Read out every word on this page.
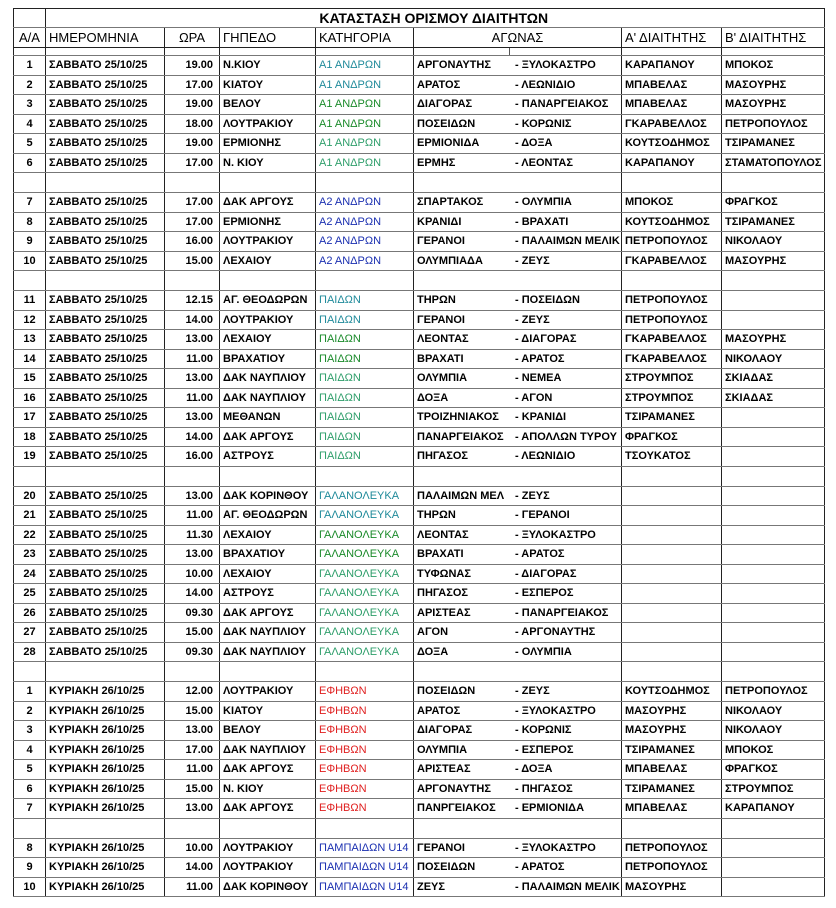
	ΚΑΤΑΣΤΑΣΗ ΟΡΙΣΜΟΥ ΔΙΑΙΤΗΤΩΝ						
Α/Α	ΗΜΕΡΟΜΗΝΙΑ	ΩΡΑ	ΓΗΠΕΔΟ	ΚΑΤΗΓΟΡΙΑ	ΑΓΩΝΑΣ	Α' ΔΙΑΙΤΗΤΗΣ	Β' ΔΙΑΙΤΗΤΗΣ

1	ΣΑΒΒΑΤΟ 25/10/25	19.00	Ν.ΚΙΟΥ	Α1 ΑΝΔΡΩΝ	ΑΡΓΟΝΑΥΤΗΣ - ΞΥΛΟΚΑΣΤΡΟ	ΚΑΡΑΠΑΝΟΥ	ΜΠΟΚΟΣ
2	ΣΑΒΒΑΤΟ 25/10/25	17.00	ΚΙΑΤΟΥ	Α1 ΑΝΔΡΩΝ	ΑΡΑΤΟΣ - ΛΕΩΝΙΔΙΟ	ΜΠΑΒΕΛΑΣ	ΜΑΣΟΥΡΗΣ
3	ΣΑΒΒΑΤΟ 25/10/25	19.00	ΒΕΛΟΥ	Α1 ΑΝΔΡΩΝ	ΔΙΑΓΟΡΑΣ - ΠΑΝΑΡΓΕΙΑΚΟΣ	ΜΠΑΒΕΛΑΣ	ΜΑΣΟΥΡΗΣ
4	ΣΑΒΒΑΤΟ 25/10/25	18.00	ΛΟΥΤΡΑΚΙΟΥ	Α1 ΑΝΔΡΩΝ	ΠΟΣΕΙΔΩΝ - ΚΟΡΩΝΙΣ	ΓΚΑΡΑΒΕΛΛΟΣ	ΠΕΤΡΟΠΟΥΛΟΣ
5	ΣΑΒΒΑΤΟ 25/10/25	19.00	ΕΡΜΙΟΝΗΣ	Α1 ΑΝΔΡΩΝ	ΕΡΜΙΟΝΙΔΑ - ΔΟΞΑ	ΚΟΥΤΣΟΔΗΜΟΣ	ΤΣΙΡΑΜΑΝΕΣ
6	ΣΑΒΒΑΤΟ 25/10/25	17.00	Ν. ΚΙΟΥ	Α1 ΑΝΔΡΩΝ	ΕΡΜΗΣ - ΛΕΟΝΤΑΣ	ΚΑΡΑΠΑΝΟΥ	ΣΤΑΜΑΤΟΠΟΥΛΟΣ

7	ΣΑΒΒΑΤΟ 25/10/25	17.00	ΔΑΚ ΑΡΓΟΥΣ	Α2 ΑΝΔΡΩΝ	ΣΠΑΡΤΑΚΟΣ - ΟΛΥΜΠΙΑ	ΜΠΟΚΟΣ	ΦΡΑΓΚΟΣ
8	ΣΑΒΒΑΤΟ 25/10/25	17.00	ΕΡΜΙΟΝΗΣ	Α2 ΑΝΔΡΩΝ	ΚΡΑΝΙΔΙ - ΒΡΑΧΑΤΙ	ΚΟΥΤΣΟΔΗΜΟΣ	ΤΣΙΡΑΜΑΝΕΣ
9	ΣΑΒΒΑΤΟ 25/10/25	16.00	ΛΟΥΤΡΑΚΙΟΥ	Α2 ΑΝΔΡΩΝ	ΓΕΡΑΝΟΙ - ΠΑΛΑΙΜΩΝ ΜΕΛΙΚ	ΠΕΤΡΟΠΟΥΛΟΣ	ΝΙΚΟΛΑΟΥ
10	ΣΑΒΒΑΤΟ 25/10/25	15.00	ΛΕΧΑΙΟΥ	Α2 ΑΝΔΡΩΝ	ΟΛΥΜΠΙΑΔΑ - ΖΕΥΣ	ΓΚΑΡΑΒΕΛΛΟΣ	ΜΑΣΟΥΡΗΣ

11	ΣΑΒΒΑΤΟ 25/10/25	12.15	ΑΓ. ΘΕΟΔΩΡΩΝ	ΠΑΙΔΩΝ	ΤΗΡΩΝ - ΠΟΣΕΙΔΩΝ	ΠΕΤΡΟΠΟΥΛΟΣ	
12	ΣΑΒΒΑΤΟ 25/10/25	14.00	ΛΟΥΤΡΑΚΙΟΥ	ΠΑΙΔΩΝ	ΓΕΡΑΝΟΙ - ΖΕΥΣ	ΠΕΤΡΟΠΟΥΛΟΣ	
13	ΣΑΒΒΑΤΟ 25/10/25	13.00	ΛΕΧΑΙΟΥ	ΠΑΙΔΩΝ	ΛΕΟΝΤΑΣ - ΔΙΑΓΟΡΑΣ	ΓΚΑΡΑΒΕΛΛΟΣ	ΜΑΣΟΥΡΗΣ
14	ΣΑΒΒΑΤΟ 25/10/25	11.00	ΒΡΑΧΑΤΙΟΥ	ΠΑΙΔΩΝ	ΒΡΑΧΑΤΙ - ΑΡΑΤΟΣ	ΓΚΑΡΑΒΕΛΛΟΣ	ΝΙΚΟΛΑΟΥ
15	ΣΑΒΒΑΤΟ 25/10/25	13.00	ΔΑΚ ΝΑΥΠΛΙΟΥ	ΠΑΙΔΩΝ	ΟΛΥΜΠΙΑ - ΝΕΜΕΑ	ΣΤΡΟΥΜΠΟΣ	ΣΚΙΑΔΑΣ
16	ΣΑΒΒΑΤΟ 25/10/25	11.00	ΔΑΚ ΝΑΥΠΛΙΟΥ	ΠΑΙΔΩΝ	ΔΟΞΑ - ΑΓΟΝ	ΣΤΡΟΥΜΠΟΣ	ΣΚΙΑΔΑΣ
17	ΣΑΒΒΑΤΟ 25/10/25	13.00	ΜΕΘΑΝΩΝ	ΠΑΙΔΩΝ	ΤΡΟΙΖΗΝΙΑΚΟΣ - ΚΡΑΝΙΔΙ	ΤΣΙΡΑΜΑΝΕΣ	
18	ΣΑΒΒΑΤΟ 25/10/25	14.00	ΔΑΚ ΑΡΓΟΥΣ	ΠΑΙΔΩΝ	ΠΑΝΑΡΓΕΙΑΚΟΣ - ΑΠΟΛΛΩΝ ΤΥΡΟΥ	ΦΡΑΓΚΟΣ	
19	ΣΑΒΒΑΤΟ 25/10/25	16.00	ΑΣΤΡΟΥΣ	ΠΑΙΔΩΝ	ΠΗΓΑΣΟΣ - ΛΕΩΝΙΔΙΟ	ΤΣΟΥΚΑΤΟΣ	

20	ΣΑΒΒΑΤΟ 25/10/25	13.00	ΔΑΚ ΚΟΡΙΝΘΟΥ	ΓΑΛΑΝΟΛΕΥΚΑ	ΠΑΛΑΙΜΩΝ ΜΕΛ - ΖΕΥΣ		

21	ΣΑΒΒΑΤΟ 25/10/25	11.00	ΑΓ. ΘΕΟΔΩΡΩΝ	ΓΑΛΑΝΟΛΕΥΚΑ	ΤΗΡΩΝ - ΓΕΡΑΝΟΙ		

22	ΣΑΒΒΑΤΟ 25/10/25	11.30	ΛΕΧΑΙΟΥ	ΓΑΛΑΝΟΛΕΥΚΑ	ΛΕΟΝΤΑΣ - ΞΥΛΟΚΑΣΤΡΟ		

23	ΣΑΒΒΑΤΟ 25/10/25	13.00	ΒΡΑΧΑΤΙΟΥ	ΓΑΛΑΝΟΛΕΥΚΑ	ΒΡΑΧΑΤΙ - ΑΡΑΤΟΣ		

24	ΣΑΒΒΑΤΟ 25/10/25	10.00	ΛΕΧΑΙΟΥ	ΓΑΛΑΝΟΛΕΥΚΑ	ΤΥΦΩΝΑΣ - ΔΙΑΓΟΡΑΣ		

25	ΣΑΒΒΑΤΟ 25/10/25	14.00	ΑΣΤΡΟΥΣ	ΓΑΛΑΝΟΛΕΥΚΑ	ΠΗΓΑΣΟΣ - ΕΣΠΕΡΟΣ		

26	ΣΑΒΒΑΤΟ 25/10/25	09.30	ΔΑΚ ΑΡΓΟΥΣ	ΓΑΛΑΝΟΛΕΥΚΑ	ΑΡΙΣΤΕΑΣ - ΠΑΝΑΡΓΕΙΑΚΟΣ		

27	ΣΑΒΒΑΤΟ 25/10/25	15.00	ΔΑΚ ΝΑΥΠΛΙΟΥ	ΓΑΛΑΝΟΛΕΥΚΑ	ΑΓΟΝ - ΑΡΓΟΝΑΥΤΗΣ		

28	ΣΑΒΒΑΤΟ 25/10/25	09.30	ΔΑΚ ΝΑΥΠΛΙΟΥ	ΓΑΛΑΝΟΛΕΥΚΑ	ΔΟΞΑ - ΟΛΥΜΠΙΑ		

1	ΚΥΡΙΑΚΗ 26/10/25	12.00	ΛΟΥΤΡΑΚΙΟΥ	ΕΦΗΒΩΝ	ΠΟΣΕΙΔΩΝ - ΖΕΥΣ	ΚΟΥΤΣΟΔΗΜΟΣ	ΠΕΤΡΟΠΟΥΛΟΣ
2	ΚΥΡΙΑΚΗ 26/10/25	15.00	ΚΙΑΤΟΥ	ΕΦΗΒΩΝ	ΑΡΑΤΟΣ - ΞΥΛΟΚΑΣΤΡΟ	ΜΑΣΟΥΡΗΣ	ΝΙΚΟΛΑΟΥ
3	ΚΥΡΙΑΚΗ 26/10/25	13.00	ΒΕΛΟΥ	ΕΦΗΒΩΝ	ΔΙΑΓΟΡΑΣ - ΚΟΡΩΝΙΣ	ΜΑΣΟΥΡΗΣ	ΝΙΚΟΛΑΟΥ
4	ΚΥΡΙΑΚΗ 26/10/25	17.00	ΔΑΚ ΝΑΥΠΛΙΟΥ	ΕΦΗΒΩΝ	ΟΛΥΜΠΙΑ - ΕΣΠΕΡΟΣ	ΤΣΙΡΑΜΑΝΕΣ	ΜΠΟΚΟΣ
5	ΚΥΡΙΑΚΗ 26/10/25	11.00	ΔΑΚ ΑΡΓΟΥΣ	ΕΦΗΒΩΝ	ΑΡΙΣΤΕΑΣ - ΔΟΞΑ	ΜΠΑΒΕΛΑΣ	ΦΡΑΓΚΟΣ
6	ΚΥΡΙΑΚΗ 26/10/25	15.00	Ν. ΚΙΟΥ	ΕΦΗΒΩΝ	ΑΡΓΟΝΑΥΤΗΣ - ΠΗΓΑΣΟΣ	ΤΣΙΡΑΜΑΝΕΣ	ΣΤΡΟΥΜΠΟΣ
7	ΚΥΡΙΑΚΗ 26/10/25	13.00	ΔΑΚ ΑΡΓΟΥΣ	ΕΦΗΒΩΝ	ΠΑΝΡΓΕΙΑΚΟΣ - ΕΡΜΙΟΝΙΔΑ	ΜΠΑΒΕΛΑΣ	ΚΑΡΑΠΑΝΟΥ

8	ΚΥΡΙΑΚΗ 26/10/25	10.00	ΛΟΥΤΡΑΚΙΟΥ	ΠΑΜΠΑΙΔΩΝ U14	ΓΕΡΑΝΟΙ - ΞΥΛΟΚΑΣΤΡΟ	ΠΕΤΡΟΠΟΥΛΟΣ	
9	ΚΥΡΙΑΚΗ 26/10/25	14.00	ΛΟΥΤΡΑΚΙΟΥ	ΠΑΜΠΑΙΔΩΝ U14	ΠΟΣΕΙΔΩΝ - ΑΡΑΤΟΣ	ΠΕΤΡΟΠΟΥΛΟΣ	
10	ΚΥΡΙΑΚΗ 26/10/25	11.00	ΔΑΚ ΚΟΡΙΝΘΟΥ	ΠΑΜΠΑΙΔΩΝ U14	ΖΕΥΣ - ΠΑΛΑΙΜΩΝ ΜΕΛΙΚ	ΜΑΣΟΥΡΗΣ	
